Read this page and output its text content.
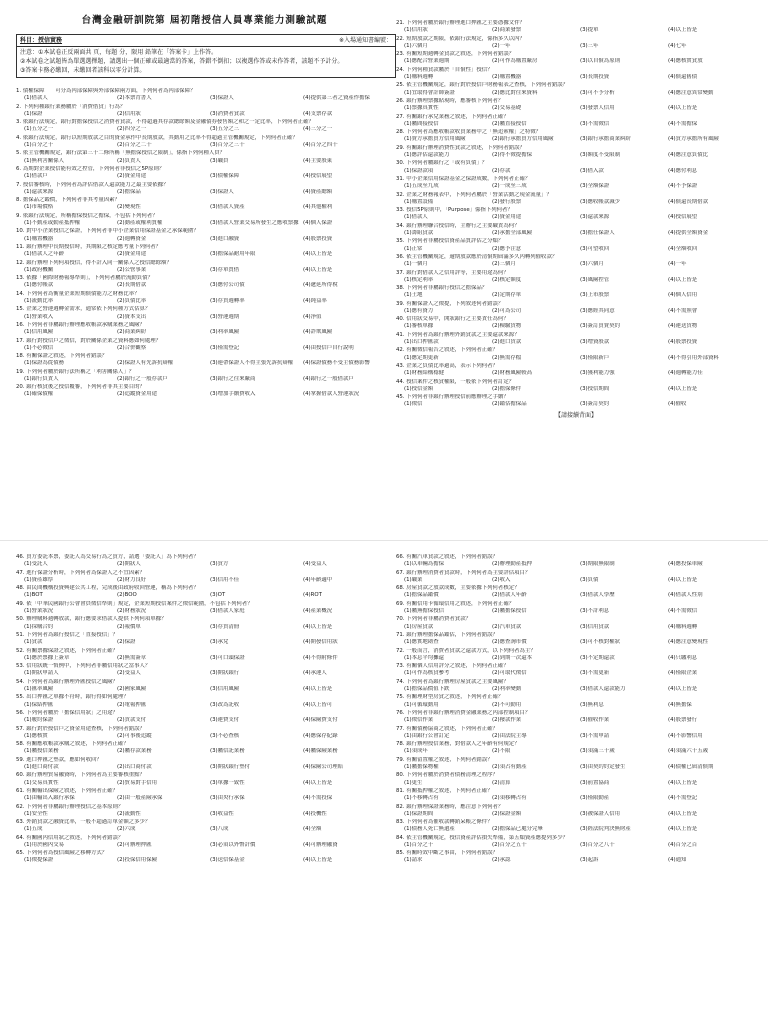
台灣金融研訓院第 屆初階授信人員專業能力測驗試題
科目：授信實務	※入場通知書編號：
注意：①本試卷正反兩面共 頁，每題 分，限用 鉛筆在「答案卡」上作答。
②本試卷之試題皆為單選選擇題，請選出一個正確或最適當的答案，答錯不倒扣；以複選作答或未作答者，該題不予計分。
③答案卡務必繳回，未繳回者該科以零分計算。
1. 債權保障　　可分為內部保障與外部保障兩方面，下列何者為內部保障？
(1)借款人	(2)本票背書人	(3)保證人	(4)提供第三者之資產作擔保
2. 下列何種銀行業務屬於「消費借貸」行為？
(1)保證	(2)信用狀	(3)消費者貸款	(4)支票存款
3. 依銀行法規定，銀行對擔保授信之消費者貸款，不得超過其存款總餘額及金融債券發售額之和之一定比率，下列何者正確？
(1)五分之一	(2)四分之一	(3)五分之三	(4)三分之一
4. 依銀行法規定，銀行以短期放款之目的資金承作中長期放款，其動用之比率不得超過主管機關規定，下列何者正確？
(1)百分之十	(2)百分之二十	(3)百分之三十	(4)百分之四十
5. 依主管機關規定，銀行法第三十二條所稱「無擔保授信之限制」，係指下列何種人員？
(1)無利害關係人	(2)負責人	(3)職員	(4)主要股東
6. 為期對企業授信能有效之控管，下列何者非授信之5P原則？
(1)借款戶	(2)資金用途	(3)債權保障	(4)授信展望
7. 授信審核時，下列何者為評估借款人還款能力之最主要依據？
(1)還款來源	(2)擔保品	(3)保證人	(4)資產總額
8. 擔保品之鑑價，下列何者非其考量因素？
(1)市場價格	(2)變現性	(3)借款人資產	(4)其他權利
9. 依銀行法規定，所稱擔保授信之擔保，不包括下列何者？
(1)不動產或動產抵押權	(2)動產或權利質權	(3)借款人營業交易所發生之應收票據 (4)個人保證
10. 對中小企業授信之保證，下列何者非中小企業信用保證基金之承保範圍？
(1)購置機器	(2)週轉資金	(3)進口融資	(4)股票投資
11. 銀行辦理中長期授信時，其期限之核定應考量下列何者？
(1)借款人之年齡	(2)資金用途	(3)擔保品耐用年限	(4)以上皆是
12. 銀行辦理下列何項授信，得不計入同一關係人之授信總餘額？
(1)政府機關	(2)公營事業	(3)存單質借	(4)以上皆是
13. 依據「國際財務報導準則」，下列何者屬於流動負債？
(1)應付帳款	(2)長期借款	(3)應付公司債	(4)遞延所得稅
14. 下列何者為衡量企業短期償債能力之財務比率？
(1)流動比率	(2)負債比率	(3)存貨週轉率	(4)純益率
15. 企業之營運週轉金需求，通常依下列何種方式估算？
(1)營業收入	(2)資本支出	(3)營運週期	(4)淨值
16. 下列何者非屬銀行辦理應收帳款承購業務之風險？
(1)信用風險	(2)商業糾紛	(3)利率風險	(4)詐欺風險
17. 銀行對授信戶之徵信，對於關係企業之資料應如何處理？
(1)不必徵信	(2)合併觀察	(3)僅需登記	(4)由授信戶自行說明
18. 有關保證之敘述，下列何者錯誤？
(1)保證為從債務	(2)保證人有先訴抗辯權	(3)連帶保證人不得主張先訴抗辯權	(4)保證債務不受主債務影響
19. 下列何者屬於銀行法所稱之「利害關係人」？
(1)銀行負責人	(2)銀行之一般存款戶	(3)銀行之往來廠商	(4)銀行之一般借款戶
20. 銀行核貸後之授信覆審，下列何者非其主要目的？
(1)確保債權	(2)追蹤資金用途	(3)增加手續費收入	(4)掌握借款人營運狀況
21. 下列何者屬於銀行辦理進口押匯之主要憑據文件？
(1)信用狀	(2)商業發票	(3)提單	(4)以上皆是
22. 短期放款之期限，依銀行法規定，係指多久以內？
(1)六個月	(2)一年	(3)三年	(4)七年
23. 有關短期週轉金貸款之敘述，下列何者錯誤？
(1)應配合營業週期	(2)可作為購置廠房	(3)以自償為原則	(4)應核實貸放
24. 下列何種貸款屬於「自償性」授信？
(1)購料週轉	(2)購置機器	(3)長期投資	(4)償還舊債
25. 依主管機關規定，銀行對於授信戶財務報表之查核，下列何者錯誤？
(1)宜取得會計師簽證	(2)應比對往來資料	(3)可不予分析	(4)應注意異常變動
26. 銀行辦理票據貼現時，應審核下列何者？
(1)票據真實性	(2)交易基礎	(3)發票人信用	(4)以上皆是
27. 有關銀行承兌業務之敘述，下列何者正確？
(1)屬間接授信	(2)屬直接授信	(3)不需徵信	(4)不需擔保
28. 下列何者為應收帳款收買業務中之「無追索權」之特徵？
(1)賣方承擔買方信用風險	(2)銀行承擔買方信用風險	(3)銀行承擔商業糾紛	(4)買方承擔所有風險
29. 有關銀行辦理消費性貸款之敘述，下列何者錯誤？
(1)應評估還款能力	(2)得不徵提擔保	(3)額度不受限制	(4)應注意負債比
30. 下列何者屬銀行之「或有負債」？
(1)保證款項	(2)存款	(3)借入款	(4)應付利息
31. 中小企業信用保證基金之保證成數，下列何者正確？
(1)五成至九成	(2)一成至三成	(3)全額保證	(4)不予保證
32. 企業之財務報表中，下列何者屬於「營業活動之現金流量」？
(1)購置設備	(2)發行股票	(3)應收帳款減少	(4)償還長期借款
33. 授信5P原則中，「Purpose」係指下列何者？
(1)借款人	(2)資金用途	(3)還款來源	(4)授信展望
34. 銀行辦理聯合授信時，主辦行之主要職責為何？
(1)籌組貸款	(2)承擔全部風險	(3)擔任保證人	(4)提供全額資金
35. 下列何者非屬授信資產品質評估之分類？
(1)正常	(2)應予注意	(3)可望收回	(4)全額收回
36. 依主管機關規定，逾期放款應於清償期屆滿多久內轉列催收款？
(1)一個月	(2)三個月	(3)六個月	(4)一年
37. 銀行對借款人之信用評等，主要用途為何？
(1)核定利率	(2)核定額度	(3)風險控管	(4)以上皆是
38. 下列何者非屬銀行授信之擔保品？
(1)土地	(2)定期存單	(3)上市股票	(4)個人信用
39. 有關保證人之徵提，下列敘述何者錯誤？
(1)應有資力	(2)可為公司	(3)應經其同意	(4)不需照會
40. 信用狀交易中，開狀銀行之主要責任為何？
(1)審核單據	(2)檢驗貨物	(3)簽訂買賣契約	(4)運送貨物
41. 下列何者為銀行辦理外銷貸款之主要還款來源？
(1)出口押匯款	(2)進口貨款	(3)增資股款	(4)股票投資
42. 有關徵信報告之敘述，下列何者正確？
(1)應定期更新	(2)無需存檔	(3)僅限新戶	(4)不得引用外部資料
43. 企業之負債比率過高，表示下列何者？
(1)財務結構穩健	(2)財務風險較高	(3)獲利能力強	(4)週轉能力佳
44. 授信案件之核貸權限，一般依下列何者訂定？
(1)授信金額	(2)擔保條件	(3)授信期間	(4)以上皆是
45. 下列何者非銀行辦理授信前應辦理之手續？
(1)徵信	(2)鑑估擔保品	(3)簽訂契約	(4)催收
【請接續背面】
46. 買方委託本票，委託人為交易行為之買方，請選「委託人」為下列何者？
(1)受託人	(2)開狀人	(3)買方	(4)受益人
47. 進行保證分析時，下列何者為保證人之不宜因素？
(1)資產雄厚	(2)財力良好	(3)信用不佳	(4)年齡適中
48. 由民間機構投資興建公共工程，完成後由政府收回營運，稱為下列何者？
(1)BOT	(2)BOO	(3)OT	(4)ROT
49. 依「中華民國銀行公會會員徵信準則」規定，企業短期授信案件之徵信範圍，不包括下列何者？
(1)營業狀況	(2)財務狀況	(3)借款人家庭	(4)產業概況
50. 辦理購料週轉放款，銀行應要求借款人提供下列何項單據？
(1)採購合約	(2)報價單	(3)存貨清冊	(4)以上皆是
51. 下列何者為銀行授信之「直接授信」？
(1)貸款	(2)保證	(3)承兌	(4)開發信用狀
52. 有關票據保證之敘述，下列何者正確？
(1)應於票據上簽章	(2)無需簽章	(3)可口頭保證	(4)不得附條件
53. 信用狀統一慣例中，下列何者非屬信用狀之當事人？
(1)開狀申請人	(2)受益人	(3)開狀銀行	(4)承運人
54. 下列何者為銀行辦理外匯授信之風險？
(1)匯率風險	(2)國家風險	(3)信用風險	(4)以上皆是
55. 出口押匯之單據不符時，銀行得如何處理？
(1)保結押匯	(2)電報押匯	(3)改為託收	(4)以上皆可
56. 下列何者屬於「擔保信用狀」之用途？
(1)履約保證	(2)貨款支付	(3)運費支付	(4)保險費支付
57. 銀行對於授信戶之資金用途查核，下列何者錯誤？
(1)應核實	(2)可事後追蹤	(3)不必查核	(4)應保存紀錄
58. 有關應收帳款承購之敘述，下列何者正確？
(1)屬授信業務	(2)屬存款業務	(3)屬信託業務	(4)屬保險業務
59. 進口押匯之墊款，應如何收回？
(1)進口商付款	(2)出口商付款	(3)開狀銀行墊付	(4)保險公司理賠
60. 銀行辦理貿易融資時，下列何者為主要審核重點？
(1)交易真實性	(2)貿易對手信用	(3)單據一致性	(4)以上皆是
61. 有關輸出保險之敘述，下列何者正確？
(1)由輸出入銀行承保	(2)由一般產險承保	(3)由央行承保	(4)不需投保
62. 下列何者非屬銀行辦理授信之基本原則？
(1)安全性	(2)流動性	(3)收益性	(4)投機性
63. 外銷貸款之融資比率，一般不超過訂單金額之多少？
(1)五成	(2)六成	(3)八成	(4)全額
64. 有關國內信用狀之敘述，下列何者錯誤？
(1)用於國內交易	(2)可辦理押匯	(3)必須以外幣計價	(4)可辦理融資
65. 下列何者為授信風險之移轉方式？
(1)徵提保證	(2)投保信用保險	(3)送信保基金	(4)以上皆是
66. 有關汽車貸款之敘述，下列何者錯誤？
(1)以車輛為擔保	(2)辦理動產抵押	(3)期限無限制	(4)應投保車險
67. 銀行辦理消費者貸款時，下列何者為主要評估項目？
(1)職業	(2)收入	(3)負債	(4)以上皆是
68. 房屋貸款之放款成數，主要依據下列何者核定？
(1)擔保品鑑價	(2)借款人年齡	(3)借款人學歷	(4)借款人性別
69. 有關信用卡循環信用之敘述，下列何者正確？
(1)屬無擔保授信	(2)屬擔保授信	(3)不計利息	(4)不需徵信
70. 下列何者非屬消費者貸款？
(1)房屋貸款	(2)汽車貸款	(3)信用貸款	(4)購料週轉
71. 銀行辦理擔保品鑑估，下列何者錯誤？
(1)應實地勘查	(2)應查詢市價	(3)可不核對權狀	(4)應注意變現性
72. 一般而言，消費者貸款之還款方式，以下列何者為主？
(1)本息平均攤還	(2)到期一次還本	(3)不定期還款	(4)只繳利息
73. 有關個人信用評分之敘述，下列何者正確？
(1)可作為核貸參考	(2)可取代徵信	(3)不需更新	(4)僅限企業
74. 下列何者為銀行辦理房屋貸款之主要風險？
(1)擔保品價值下跌	(2)利率變動	(3)借款人還款能力	(4)以上皆是
75. 有關理財型房貸之敘述，下列何者正確？
(1)可循環動用	(2)不可動用	(3)無利息	(4)無擔保
76. 下列何者非銀行辦理消費金融業務之內部控制項目？
(1)徵信作業	(2)撥款作業	(3)催收作業	(4)股票發行
77. 有關債務協商之敘述，下列何者正確？
(1)由銀行公會訂定	(2)由法院主導	(3)不需申請	(4)不影響信用
78. 銀行辦理授信業務，對借款人之年齡有何規定？
(1)須成年	(2)不限	(3)須滿三十歲	(4)須滿六十五歲
79. 有關留置權之敘述，下列何者錯誤？
(1)屬擔保物權	(2)須占有動產	(3)由契約約定發生	(4)債權已屆清償期
80. 下列何者屬於消費者債務清理之程序？
(1)更生	(2)清算	(3)前置協商	(4)以上皆是
81. 有關抵押權之敘述，下列何者正確？
(1)不移轉占有	(2)須移轉占有	(3)僅限動產	(4)不需登記
82. 銀行辦理保證業務時，應注意下列何者？
(1)保證期間	(2)保證金額	(3)被保證人信用	(4)以上皆是
83. 下列何者為催收款轉銷呆帳之條件？
(1)債務人死亡無遺產	(2)擔保品已處分完畢	(3)經法院判決無財產	(4)以上皆是
84. 依主管機關規定，授信資產評估損失準備，第五類資產應提列多少？
(1)百分之十	(2)百分之五十	(3)百分之八十	(4)百分之百
85. 有關時效中斷之事由，下列何者錯誤？
(1)請求	(2)承認	(3)起訴	(4)通知
